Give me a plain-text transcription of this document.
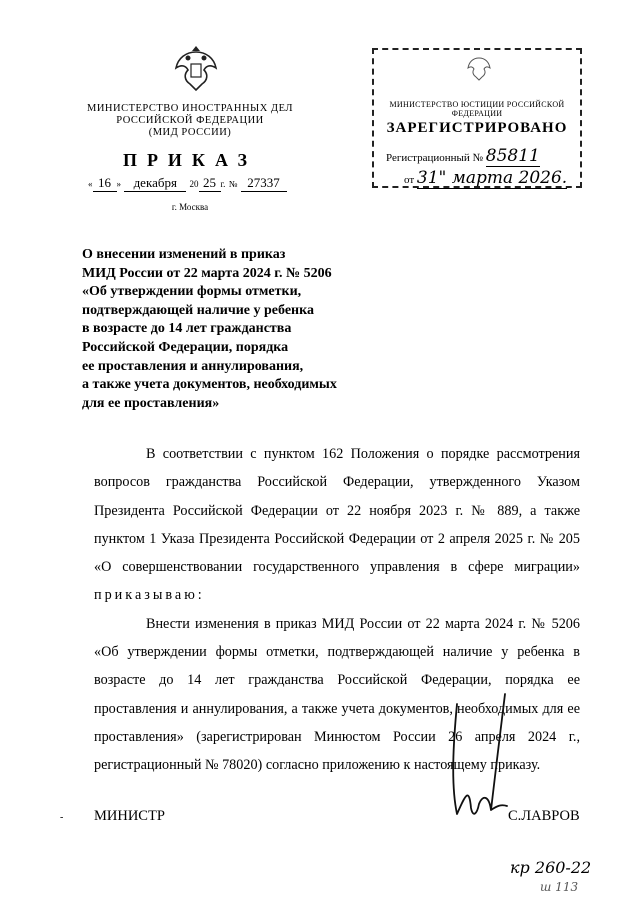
МИНИСТЕРСТВО ИНОСТРАННЫХ ДЕЛ
РОССИЙСКОЙ ФЕДЕРАЦИИ
(МИД РОССИИ)
ПРИКАЗ
« 16 » декабря 20 25 г. № 27337
г. Москва
МИНИСТЕРСТВО ЮСТИЦИИ РОССИЙСКОЙ ФЕДЕРАЦИИ
ЗАРЕГИСТРИРОВАНО
Регистрационный № 85811
от 31" марта 2026.
О внесении изменений в приказ
МИД России от 22 марта 2024 г. № 5206
«Об утверждении формы отметки,
подтверждающей наличие у ребенка
в возрасте до 14 лет гражданства
Российской Федерации, порядка
ее проставления и аннулирования,
а также учета документов, необходимых
для ее проставления»

В соответствии с пунктом 162 Положения о порядке рассмотрения вопросов гражданства Российской Федерации, утвержденного Указом Президента Российской Федерации от 22 ноября 2023 г. № 889, а также пунктом 1 Указа Президента Российской Федерации от 2 апреля 2025 г. № 205 «О совершенствовании государственного управления в сфере миграции» приказываю:

Внести изменения в приказ МИД России от 22 марта 2024 г. № 5206 «Об утверждении формы отметки, подтверждающей наличие у ребенка в возрасте до 14 лет гражданства Российской Федерации, порядка ее проставления и аннулирования, а также учета документов, необходимых для ее проставления» (зарегистрирован Минюстом России 26 апреля 2024 г., регистрационный № 78020) согласно приложению к настоящему приказу.

- МИНИСТР	С.ЛАВРОВ
кр 260-22
ш 113
